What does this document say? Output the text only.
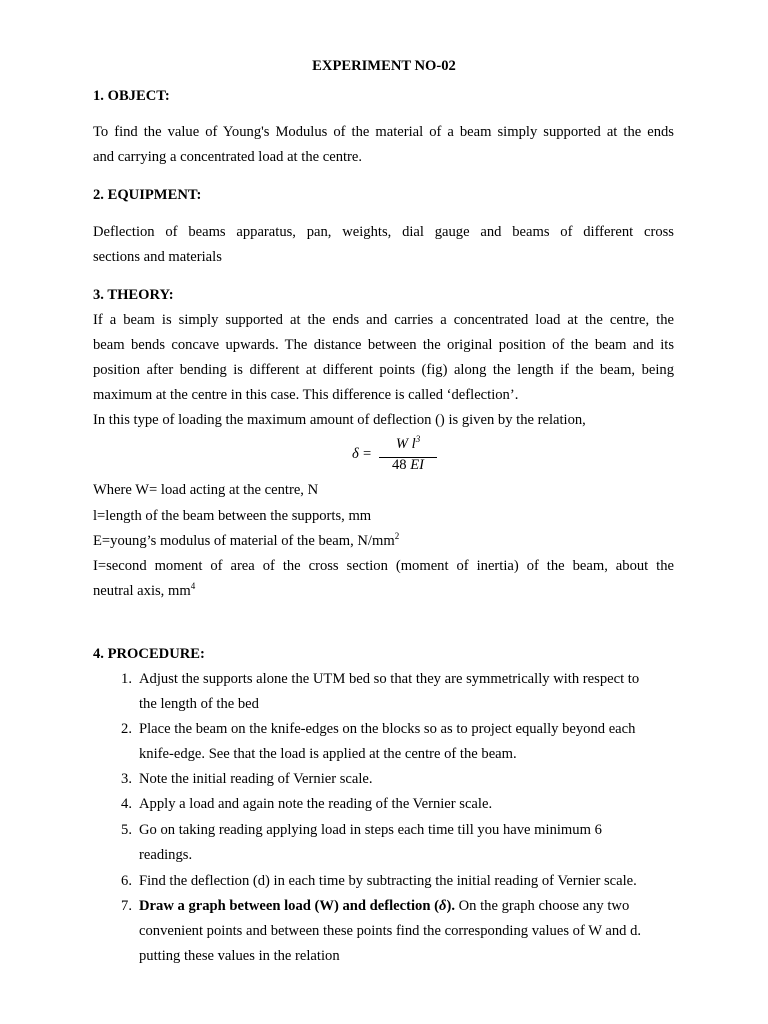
EXPERIMENT NO-02
1. OBJECT:
To find the value of Young's Modulus of the material of a beam simply supported at the ends
and carrying a concentrated load at the centre.
2. EQUIPMENT:
Deflection of beams apparatus, pan, weights, dial gauge and beams of different cross
sections and materials
3. THEORY:
If a beam is simply supported at the ends and carries a concentrated load at the centre, the
beam bends concave upwards. The distance between the original position of the beam and its
position after bending is different at different points (fig) along the length if the beam, being
maximum at the centre in this case. This difference is called ‘deflection’.
In this type of loading the maximum amount of deflection () is given by the relation,
δ =
W $l^3$
48 EI
Where W= load acting at the centre, N
l=length of the beam between the supports, mm
E=young’s modulus of material of the beam, $N/mm^2$
I=second moment of area of the cross section (moment of inertia) of the beam, about the
neutral axis, $mm^4$
4. PROCEDURE:
1. Adjust the supports alone the UTM bed so that they are symmetrically with respect to
the length of the bed
2. Place the beam on the knife-edges on the blocks so as to project equally beyond each
knife-edge. See that the load is applied at the centre of the beam.
3. Note the initial reading of Vernier scale.
4. Apply a load and again note the reading of the Vernier scale.
5. Go on taking reading applying load in steps each time till you have minimum 6
readings.
6. Find the deflection (d) in each time by subtracting the initial reading of Vernier scale.
7. Draw a graph between load (W) and deflection (δ). On the graph choose any two
convenient points and between these points find the corresponding values of W and d.
putting these values in the relation
